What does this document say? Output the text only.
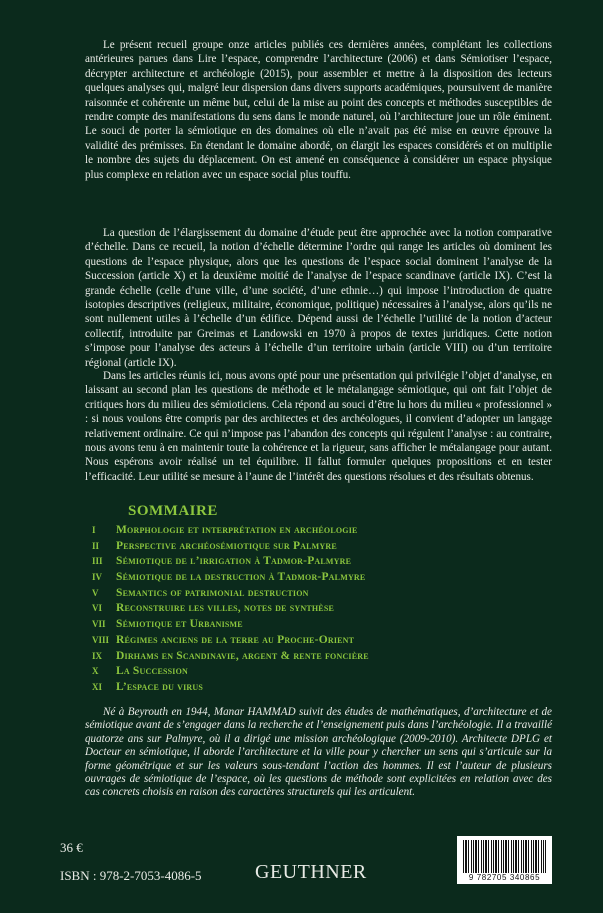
Le présent recueil groupe onze articles publiés ces dernières années, complétant les collections antérieures parues dans Lire l’espace, comprendre l’architecture (2006) et dans Sémiotiser l’espace, décrypter architecture et archéologie (2015), pour assembler et mettre à la disposition des lecteurs quelques analyses qui, malgré leur dispersion dans divers supports académiques, poursuivent de manière raisonnée et cohérente un même but, celui de la mise au point des concepts et méthodes susceptibles de rendre compte des manifestations du sens dans le monde naturel, où l’architecture joue un rôle éminent. Le souci de porter la sémiotique en des domaines où elle n’avait pas été mise en œuvre éprouve la validité des prémisses. En étendant le domaine abordé, on élargit les espaces considérés et on multiplie le nombre des sujets du déplacement. On est amené en conséquence à considérer un espace physique plus complexe en relation avec un espace social plus touffu.

La question de l’élargissement du domaine d’étude peut être approchée avec la notion comparative d’échelle. Dans ce recueil, la notion d’échelle détermine l’ordre qui range les articles où dominent les questions de l’espace physique, alors que les questions de l’espace social dominent l’analyse de la Succession (article X) et la deuxième moitié de l’analyse de l’espace scandinave (article IX). C’est la grande échelle (celle d’une ville, d’une société, d’une ethnie…) qui impose l’introduction de quatre isotopies descriptives (religieux, militaire, économique, politique) nécessaires à l’analyse, alors qu’ils ne sont nullement utiles à l’échelle d’un édifice. Dépend aussi de l’échelle l’utilité de la notion d’acteur collectif, introduite par Greimas et Landowski en 1970 à propos de textes juridiques. Cette notion s’impose pour l’analyse des acteurs à l’échelle d’un territoire urbain (article VIII) ou d’un territoire régional (article IX).

Dans les articles réunis ici, nous avons opté pour une présentation qui privilégie l’objet d’analyse, en laissant au second plan les questions de méthode et le métalangage sémiotique, qui ont fait l’objet de critiques hors du milieu des sémioticiens. Cela répond au souci d’être lu hors du milieu « professionnel » : si nous voulons être compris par des architectes et des archéologues, il convient d’adopter un langage relativement ordinaire. Ce qui n’impose pas l’abandon des concepts qui régulent l’analyse : au contraire, nous avons tenu à en maintenir toute la cohérence et la rigueur, sans afficher le métalangage pour autant. Nous espérons avoir réalisé un tel équilibre. Il fallut formuler quelques propositions et en tester l’efficacité. Leur utilité se mesure à l’aune de l’intérêt des questions résolues et des résultats obtenus.

SOMMAIRE
I	Morphologie et interprétation en archéologie
II	Perspective archéosémiotique sur Palmyre
III	Sémiotique de l’irrigation à Tadmor-Palmyre
IV	Sémiotique de la destruction à Tadmor-Palmyre
V	Semantics of patrimonial destruction
VI	Reconstruire les villes, notes de synthèse
VII Sémiotique et Urbanisme
VIII Régimes anciens de la terre au Proche-Orient
IX	Dirhams en Scandinavie, argent & rente foncière
X	La Succession
XI	L’espace du virus

Né à Beyrouth en 1944, Manar HAMMAD suivit des études de mathématiques, d’architecture et de sémiotique avant de s’engager dans la recherche et l’enseignement puis dans l’archéologie. Il a travaillé quatorze ans sur Palmyre, où il a dirigé une mission archéologique (2009-2010). Architecte DPLG et Docteur en sémiotique, il aborde l’architecture et la ville pour y chercher un sens qui s’articule sur la forme géométrique et sur les valeurs sous-tendant l’action des hommes. Il est l’auteur de plusieurs ouvrages de sémiotique de l’espace, où les questions de méthode sont explicitées en relation avec des cas concrets choisis en raison des caractères structurels qui les articulent.

36 €
ISBN : 978-2-7053-4086-5	GEUTHNER	9 782705 340865
